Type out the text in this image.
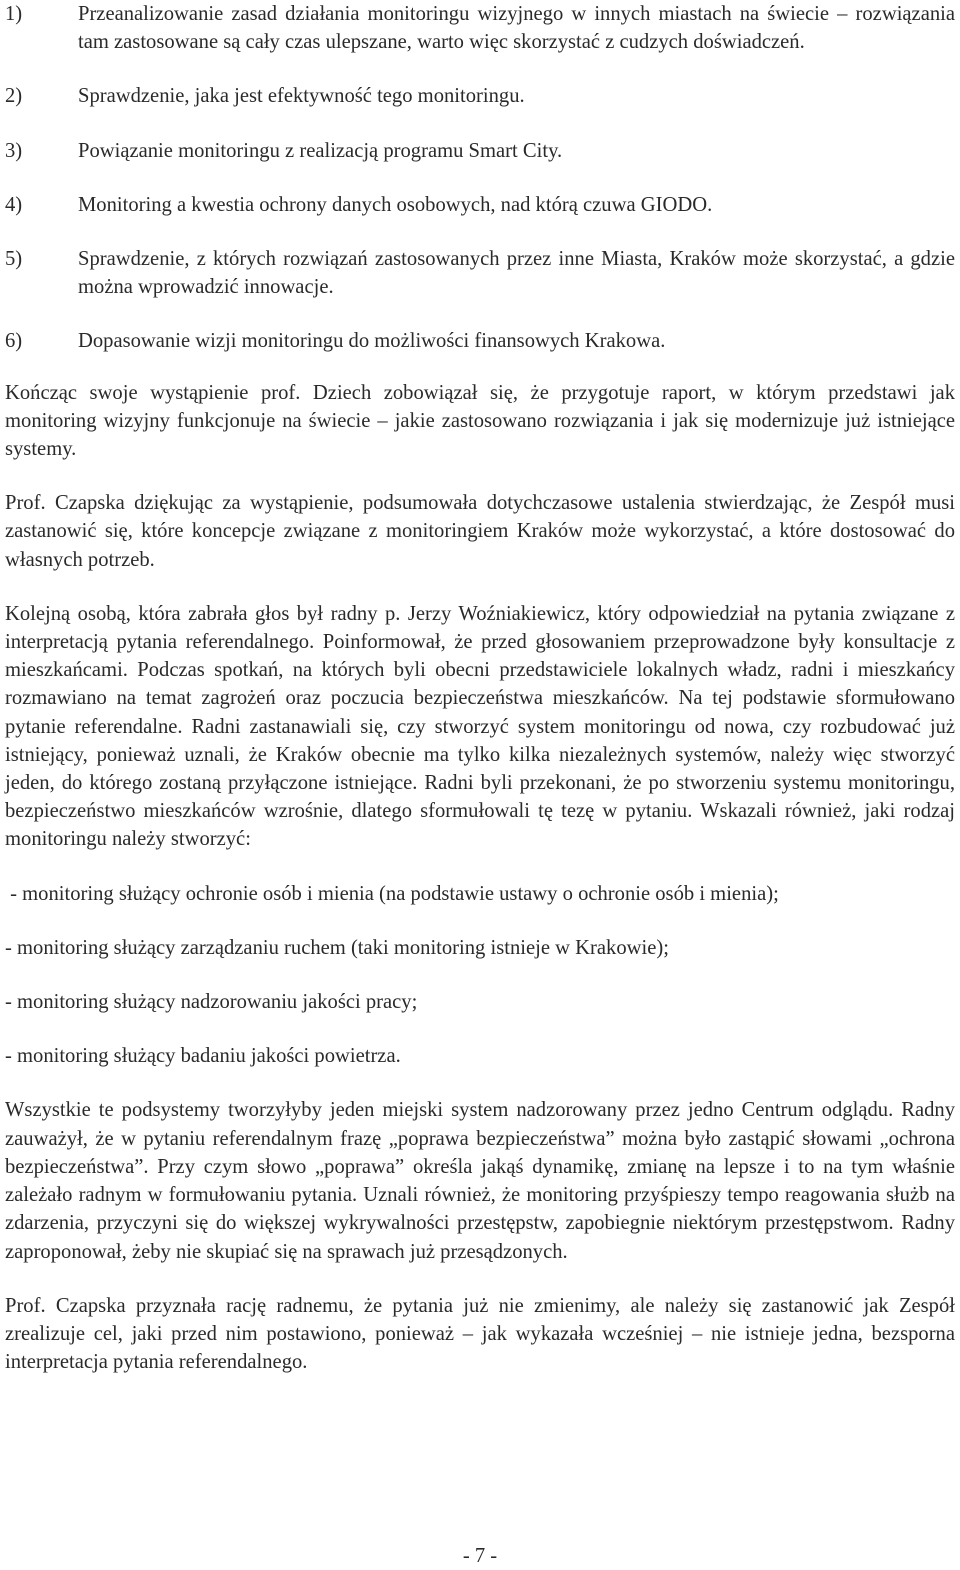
1)	Przeanalizowanie zasad działania monitoringu wizyjnego w innych miastach na świecie – rozwiązania tam zastosowane są cały czas ulepszane, warto więc skorzystać z cudzych doświadczeń.
2)	Sprawdzenie, jaka jest efektywność tego monitoringu.
3)	Powiązanie monitoringu z realizacją programu Smart City.
4)	Monitoring a kwestia ochrony danych osobowych, nad którą czuwa GIODO.
5)	Sprawdzenie, z których rozwiązań zastosowanych przez inne Miasta, Kraków może skorzystać, a gdzie można wprowadzić innowacje.
6)	Dopasowanie wizji monitoringu do możliwości finansowych Krakowa.

Kończąc swoje wystąpienie prof. Dziech zobowiązał się, że przygotuje raport, w którym przedstawi jak monitoring wizyjny funkcjonuje na świecie – jakie zastosowano rozwiązania i jak się modernizuje już istniejące systemy.

Prof. Czapska dziękując za wystąpienie, podsumowała dotychczasowe ustalenia stwierdzając, że Zespół musi zastanowić się, które koncepcje związane z monitoringiem Kraków może wykorzystać, a które dostosować do własnych potrzeb.

Kolejną osobą, która zabrała głos był radny p. Jerzy Woźniakiewicz, który odpowiedział na pytania związane z interpretacją pytania referendalnego. Poinformował, że przed głosowaniem przeprowadzone były konsultacje z mieszkańcami. Podczas spotkań, na których byli obecni przedstawiciele lokalnych władz, radni i mieszkańcy rozmawiano na temat zagrożeń oraz poczucia bezpieczeństwa mieszkańców. Na tej podstawie sformułowano pytanie referendalne. Radni zastanawiali się, czy stworzyć system monitoringu od nowa, czy rozbudować już istniejący, ponieważ uznali, że Kraków obecnie ma tylko kilka niezależnych systemów, należy więc stworzyć jeden, do którego zostaną przyłączone istniejące. Radni byli przekonani, że po stworzeniu systemu monitoringu, bezpieczeństwo mieszkańców wzrośnie, dlatego sformułowali tę tezę w pytaniu. Wskazali również, jaki rodzaj monitoringu należy stworzyć:

- monitoring służący ochronie osób i mienia (na podstawie ustawy o ochronie osób i mienia);

- monitoring służący zarządzaniu ruchem (taki monitoring istnieje w Krakowie);

- monitoring służący nadzorowaniu jakości pracy;

- monitoring służący badaniu jakości powietrza.

Wszystkie te podsystemy tworzyłyby jeden miejski system nadzorowany przez jedno Centrum odglądu. Radny zauważył, że w pytaniu referendalnym frazę „poprawa bezpieczeństwa” można było zastąpić słowami „ochrona bezpieczeństwa”. Przy czym słowo „poprawa” określa jakąś dynamikę, zmianę na lepsze i to na tym właśnie zależało radnym w formułowaniu pytania. Uznali również, że monitoring przyśpieszy tempo reagowania służb na zdarzenia, przyczyni się do większej wykrywalności przestępstw, zapobiegnie niektórym przestępstwom. Radny zaproponował, żeby nie skupiać się na sprawach już przesądzonych.

Prof. Czapska przyznała rację radnemu, że pytania już nie zmienimy, ale należy się zastanowić jak Zespół zrealizuje cel, jaki przed nim postawiono, ponieważ – jak wykazała wcześniej – nie istnieje jedna, bezsporna interpretacja pytania referendalnego.

- 7 -
